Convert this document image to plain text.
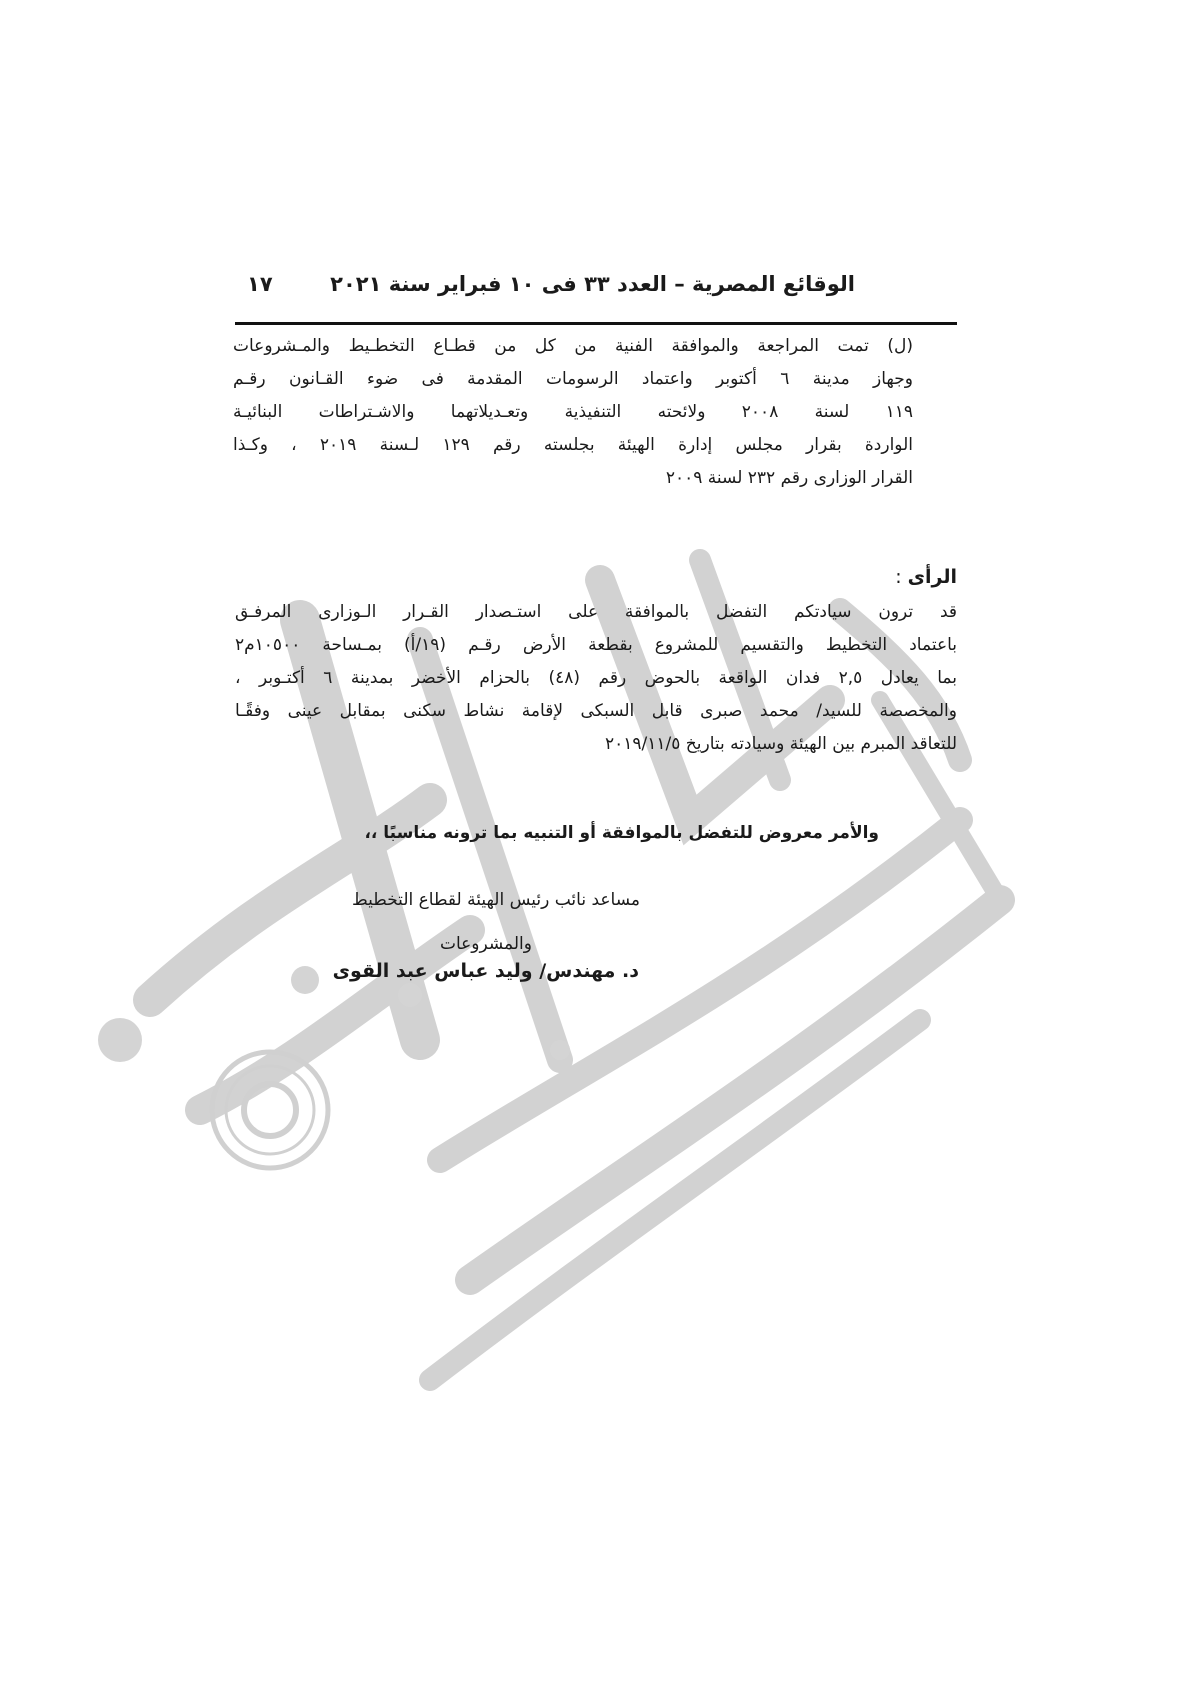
الوقائع المصرية – العدد ٣٣ فى ١٠ فبراير سنة ٢٠٢١
١٧
(ل) تمت المراجعة والموافقة الفنية من كل من قطـاع التخطـيط والمـشروعات
وجهاز مدينة ٦ أكتوبر واعتماد الرسومات المقدمة فى ضوء القـانون رقـم
١١٩ لسنة ٢٠٠٨ ولائحته التنفيذية وتعـديلاتهما والاشـتراطات البنائيـة
الواردة بقرار مجلس إدارة الهيئة بجلسته رقم ١٢٩ لـسنة ٢٠١٩ ، وكـذا
القرار الوزارى رقم ٢٣٢ لسنة ٢٠٠٩
الرأى:
قد ترون سيادتكم التفضل بالموافقة على استـصدار القـرار الـوزارى المرفـق
باعتماد التخطيط والتقسيم للمشروع بقطعة الأرض رقـم (١٩/أ) بمـساحة ١٠٥٠٠م٢
بما يعادل ٢,٥ فدان الواقعة بالحوض رقم (٤٨) بالحزام الأخضر بمدينة ٦ أكتـوبر ،
والمخصصة للسيد/ محمد صبرى قابل السبكى لإقامة نشاط سكنى بمقابل عينى وفقًـا
للتعاقد المبرم بين الهيئة وسيادته بتاريخ ٢٠١٩/١١/٥
والأمر معروض للتفضل بالموافقة أو التنبيه بما ترونه مناسبًا ،،
مساعد نائب رئيس الهيئة لقطاع التخطيط
والمشروعات
د. مهندس/ وليد عباس عبد القوى
